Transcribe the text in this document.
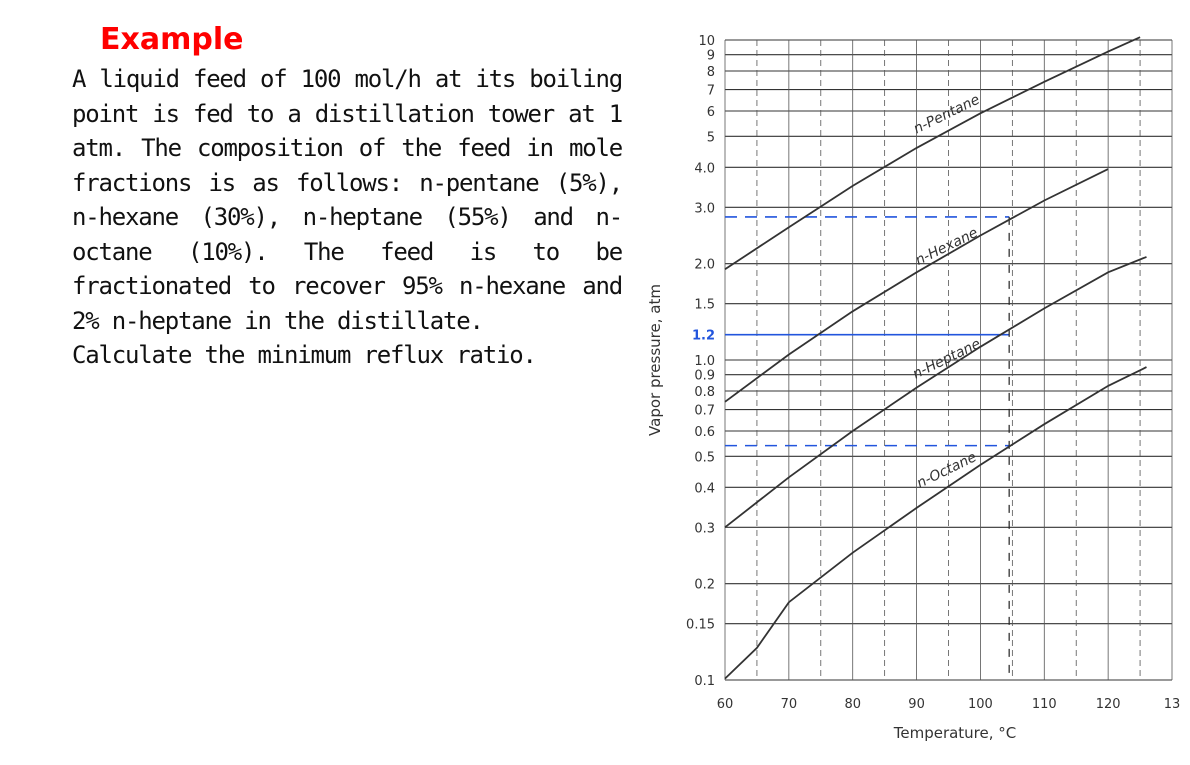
Example

A liquid feed of 100 mol/h at its boiling point is fed to a distillation tower at 1 atm. The composition of the feed in mole fractions is as follows: n-pentane (5%), n-hexane (30%), n-heptane (55%) and n-octane (10%). The feed is to be fractionated to recover 95% n-hexane and 2% n-heptane in the distillate.

Calculate the minimum reflux ratio.

1.2
10
9
8
7
6
5
4.0
3.0
2.0
1.5
1.0
0.9
0.8
0.7
0.6
0.5
0.4
0.3
0.2
0.15
0.1
60	70	80	90	100	110	120	13
n-Pentane
n-Hexane
n-Heptane
n-Octane
Temperature, °C
Vapor pressure, atm
